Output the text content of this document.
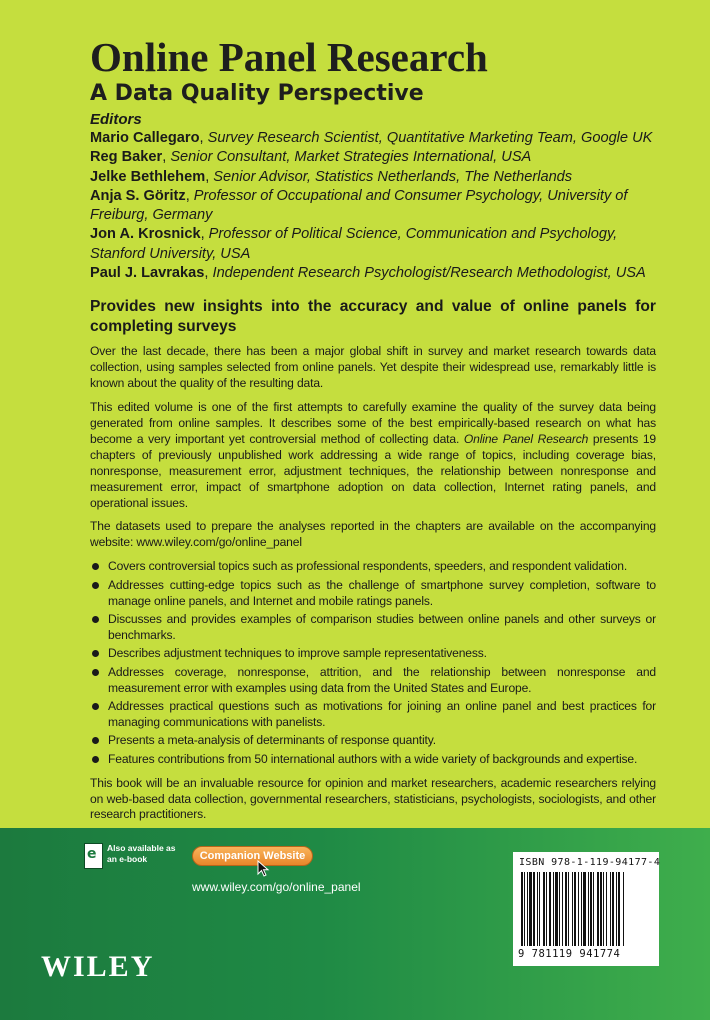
Online Panel Research
A Data Quality Perspective
Editors
Mario Callegaro, Survey Research Scientist, Quantitative Marketing Team, Google UK
Reg Baker, Senior Consultant, Market Strategies International, USA
Jelke Bethlehem, Senior Advisor, Statistics Netherlands, The Netherlands
Anja S. Göritz, Professor of Occupational and Consumer Psychology, University of Freiburg, Germany
Jon A. Krosnick, Professor of Political Science, Communication and Psychology, Stanford University, USA
Paul J. Lavrakas, Independent Research Psychologist/Research Methodologist, USA
Provides new insights into the accuracy and value of online panels for completing surveys

Over the last decade, there has been a major global shift in survey and market research towards data collection, using samples selected from online panels. Yet despite their widespread use, remarkably little is known about the quality of the resulting data.

This edited volume is one of the first attempts to carefully examine the quality of the survey data being generated from online samples. It describes some of the best empirically-based research on what has become a very important yet controversial method of collecting data. Online Panel Research presents 19 chapters of previously unpublished work addressing a wide range of topics, including coverage bias, nonresponse, measurement error, adjustment techniques, the relationship between nonresponse and measurement error, impact of smartphone adoption on data collection, Internet rating panels, and operational issues.

The datasets used to prepare the analyses reported in the chapters are available on the accompanying website: www.wiley.com/go/online_panel

Covers controversial topics such as professional respondents, speeders, and respondent validation.
Addresses cutting-edge topics such as the challenge of smartphone survey completion, software to manage online panels, and Internet and mobile ratings panels.
Discusses and provides examples of comparison studies between online panels and other surveys or benchmarks.
Describes adjustment techniques to improve sample representativeness.
Addresses coverage, nonresponse, attrition, and the relationship between nonresponse and measurement error with examples using data from the United States and Europe.
Addresses practical questions such as motivations for joining an online panel and best practices for managing communications with panelists.
Presents a meta-analysis of determinants of response quantity.
Features contributions from 50 international authors with a wide variety of backgrounds and expertise.

This book will be an invaluable resource for opinion and market researchers, academic researchers relying on web-based data collection, governmental researchers, statisticians, psychologists, sociologists, and other research practitioners.

e Also available as an e-book	Companion Website
www.wiley.com/go/online_panel
WILEY
ISBN 978-1-119-94177-4
9 781119 941774
